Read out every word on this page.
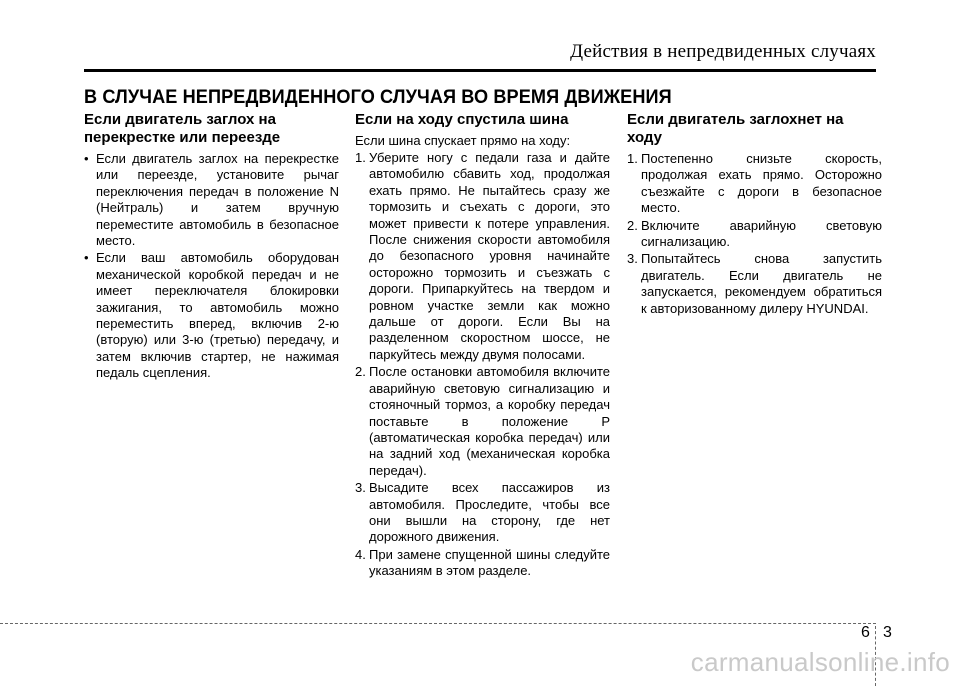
Действия в непредвиденных случаях
В СЛУЧАЕ НЕПРЕДВИДЕННОГО СЛУЧАЯ ВО ВРЕМЯ ДВИЖЕНИЯ
Если двигатель заглох на перекрестке или переезде
• Если двигатель заглох на перекрестке или переезде, установите рычаг переключения передач в положение N (Нейтраль) и затем вручную переместите автомобиль в безопасное место.
• Если ваш автомобиль оборудован механической коробкой передач и не имеет переключателя блокировки зажигания, то автомобиль можно переместить вперед, включив 2-ю (вторую) или 3-ю (третью) передачу, и затем включив стартер, не нажимая педаль сцепления.
Если на ходу спустила шина

Если шина спускает прямо на ходу:

1. Уберите ногу с педали газа и дайте автомобилю сбавить ход, продолжая ехать прямо. Не пытайтесь сразу же тормозить и съехать с дороги, это может привести к потере управления. После снижения скорости автомобиля до безопасного уровня начинайте осторожно тормозить и съезжать с дороги. Припаркуйтесь на твердом и ровном участке земли как можно дальше от дороги. Если Вы на разделенном скоростном шоссе, не паркуйтесь между двумя полосами.
2. После остановки автомобиля включите аварийную световую сигнализацию и стояночный тормоз, а коробку передач поставьте в положение P (автоматическая коробка передач) или на задний ход (механическая коробка передач).
3. Высадите всех пассажиров из автомобиля. Проследите, чтобы все они вышли на сторону, где нет дорожного движения.
4. При замене спущенной шины следуйте указаниям в этом разделе.
Если двигатель заглохнет на ходу
1. Постепенно снизьте скорость, продолжая ехать прямо. Осторожно съезжайте с дороги в безопасное место.
2. Включите аварийную световую сигнализацию.
3. Попытайтесь снова запустить двигатель. Если двигатель не запускается, рекомендуем обратиться к авторизованному дилеру HYUNDAI.
6 3
carmanualsonline.info
